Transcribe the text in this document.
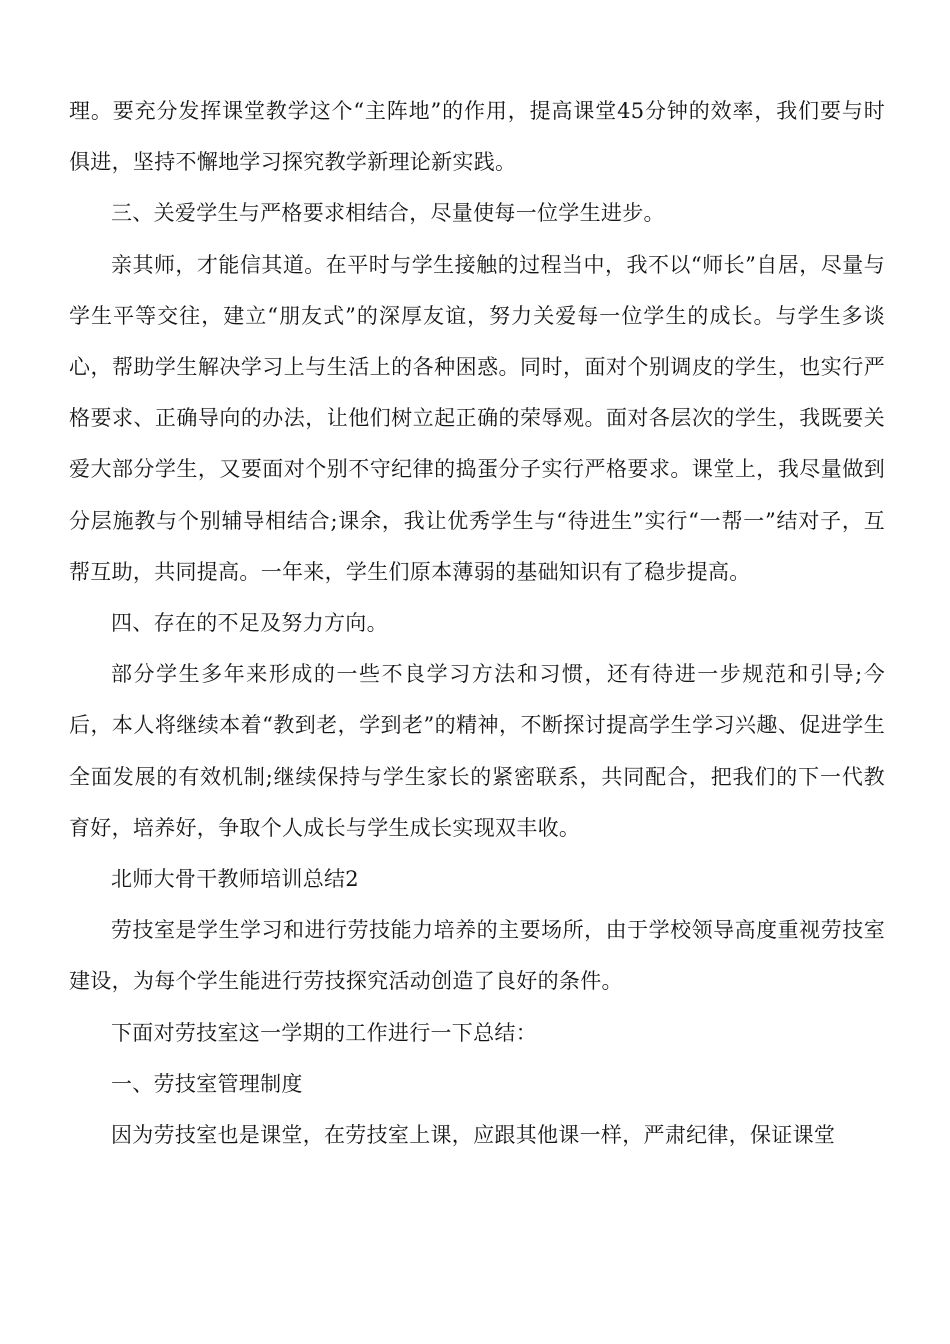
理。要充分发挥课堂教学这个“主阵地”的作用，提高课堂45分钟的效率，我们要与时俱进，坚持不懈地学习探究教学新理论新实践。

三、关爱学生与严格要求相结合，尽量使每一位学生进步。

亲其师，才能信其道。在平时与学生接触的过程当中，我不以“师长”自居，尽量与学生平等交往，建立“朋友式”的深厚友谊，努力关爱每一位学生的成长。与学生多谈心，帮助学生解决学习上与生活上的各种困惑。同时，面对个别调皮的学生，也实行严格要求、正确导向的办法，让他们树立起正确的荣辱观。面对各层次的学生，我既要关爱大部分学生，又要面对个别不守纪律的捣蛋分子实行严格要求。课堂上，我尽量做到分层施教与个别辅导相结合;课余，我让优秀学生与“待进生”实行“一帮一”结对子，互帮互助，共同提高。一年来，学生们原本薄弱的基础知识有了稳步提高。

四、存在的不足及努力方向。

部分学生多年来形成的一些不良学习方法和习惯，还有待进一步规范和引导;今后，本人将继续本着“教到老，学到老”的精神，不断探讨提高学生学习兴趣、促进学生全面发展的有效机制;继续保持与学生家长的紧密联系，共同配合，把我们的下一代教育好，培养好，争取个人成长与学生成长实现双丰收。

北师大骨干教师培训总结2

劳技室是学生学习和进行劳技能力培养的主要场所，由于学校领导高度重视劳技室建设，为每个学生能进行劳技探究活动创造了良好的条件。

下面对劳技室这一学期的工作进行一下总结：

一、劳技室管理制度

因为劳技室也是课堂，在劳技室上课，应跟其他课一样，严肃纪律，保证课堂
